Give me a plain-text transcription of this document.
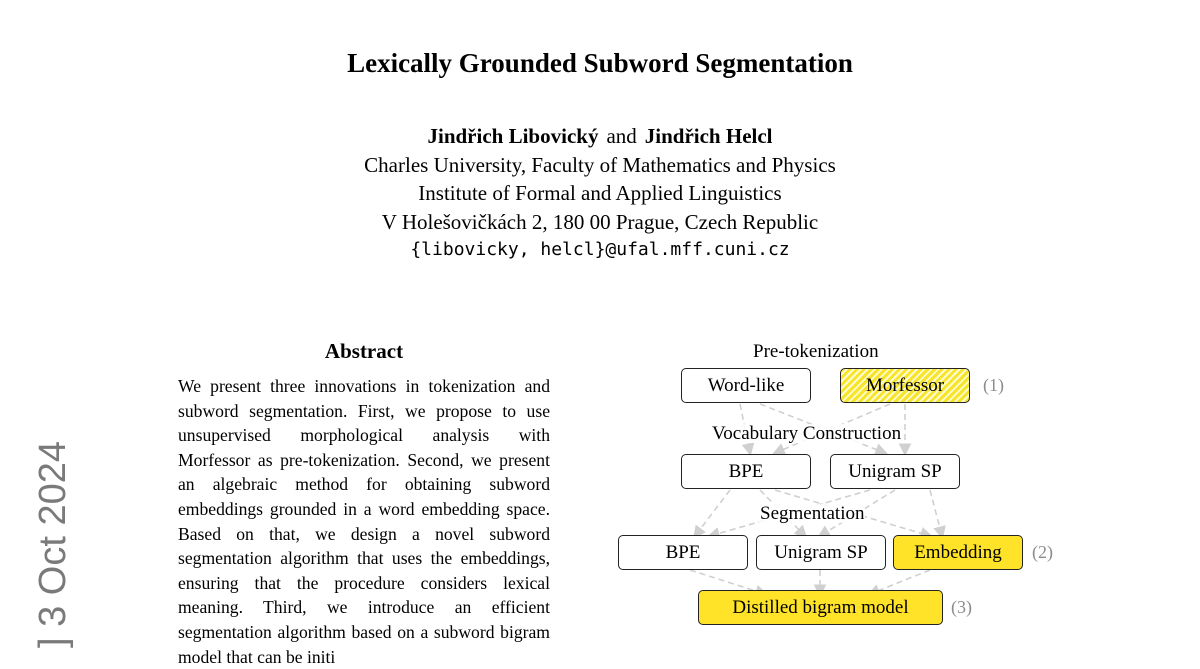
Lexically Grounded Subword Segmentation
Jindřich Libovický and Jindřich Helcl
Charles University, Faculty of Mathematics and Physics
Institute of Formal and Applied Linguistics
V Holešovičkách 2, 180 00 Prague, Czech Republic
{libovicky, helcl}@ufal.mff.cuni.cz
] 3 Oct 2024
Abstract

We present three innovations in tokenization and subword segmentation. First, we propose to use unsupervised morphological analysis with Morfessor as pre-tokenization. Second, we present an algebraic method for obtaining subword embeddings grounded in a word embedding space. Based on that, we design a novel subword segmentation algorithm that uses the embeddings, ensuring that the procedure considers lexical meaning. Third, we introduce an efficient segmentation algorithm based on a subword bigram model that can be initi

Pre-tokenization
Word-like	Morfessor (1)
Vocabulary Construction
BPE	Unigram SP
Segmentation
BPE	Unigram SP Embedding (2)
Distilled bigram model (3)
